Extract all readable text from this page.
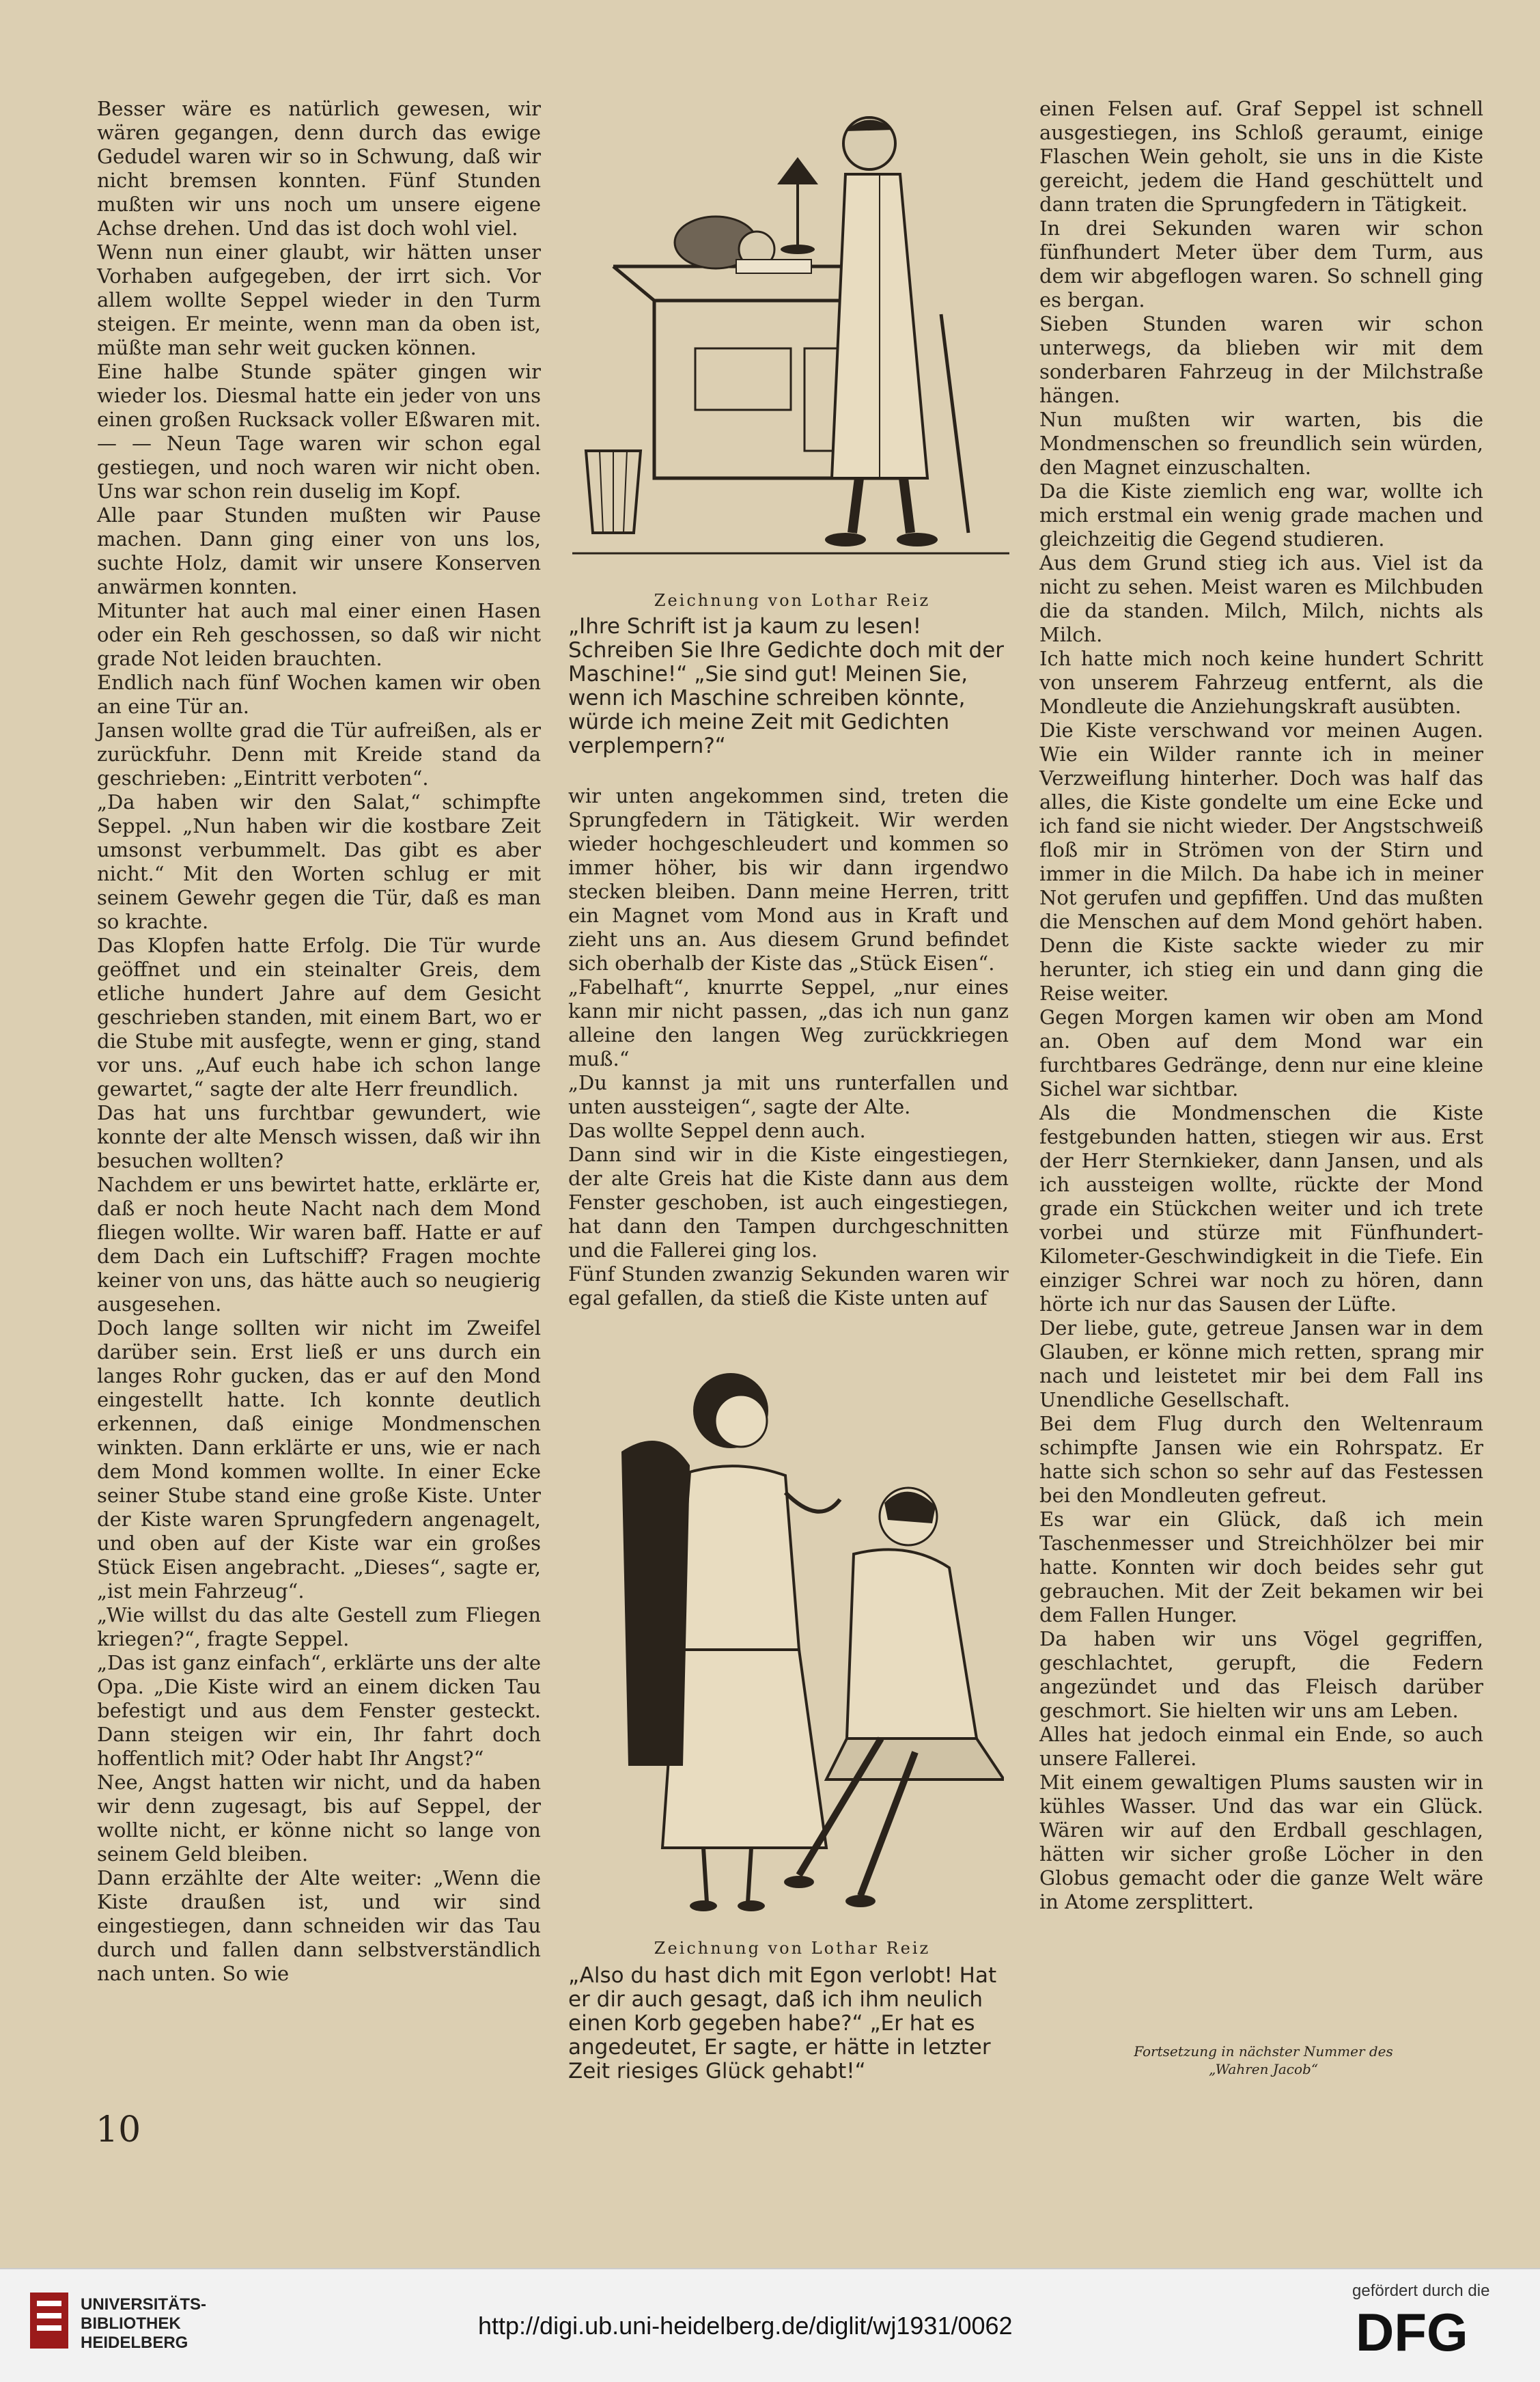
Besser wäre es natürlich gewesen, wir wären gegangen, denn durch das ewige Gedudel waren wir so in Schwung, daß wir nicht bremsen konnten. Fünf Stunden mußten wir uns noch um unsere eigene Achse drehen. Und das ist doch wohl viel.

Wenn nun einer glaubt, wir hätten unser Vorhaben aufgegeben, der irrt sich. Vor allem wollte Seppel wieder in den Turm steigen. Er meinte, wenn man da oben ist, müßte man sehr weit gucken können.

Eine halbe Stunde später gingen wir wieder los. Diesmal hatte ein jeder von uns einen großen Rucksack voller Eßwaren mit. — — Neun Tage waren wir schon egal gestiegen, und noch waren wir nicht oben. Uns war schon rein duselig im Kopf.

Alle paar Stunden mußten wir Pause machen. Dann ging einer von uns los, suchte Holz, damit wir unsere Konserven anwärmen konnten.

Mitunter hat auch mal einer einen Hasen oder ein Reh geschossen, so daß wir nicht grade Not leiden brauchten.

Endlich nach fünf Wochen kamen wir oben an eine Tür an.

Jansen wollte grad die Tür aufreißen, als er zurückfuhr. Denn mit Kreide stand da geschrieben: „Eintritt verboten“.

„Da haben wir den Salat,“ schimpfte Seppel. „Nun haben wir die kostbare Zeit umsonst verbummelt. Das gibt es aber nicht.“ Mit den Worten schlug er mit seinem Gewehr gegen die Tür, daß es man so krachte.

Das Klopfen hatte Erfolg. Die Tür wurde geöffnet und ein steinalter Greis, dem etliche hundert Jahre auf dem Gesicht geschrieben standen, mit einem Bart, wo er die Stube mit ausfegte, wenn er ging, stand vor uns. „Auf euch habe ich schon lange gewartet,“ sagte der alte Herr freundlich.

Das hat uns furchtbar gewundert, wie konnte der alte Mensch wissen, daß wir ihn besuchen wollten?

Nachdem er uns bewirtet hatte, erklärte er, daß er noch heute Nacht nach dem Mond fliegen wollte. Wir waren baff. Hatte er auf dem Dach ein Luftschiff? Fragen mochte keiner von uns, das hätte auch so neugierig ausgesehen.

Doch lange sollten wir nicht im Zweifel darüber sein. Erst ließ er uns durch ein langes Rohr gucken, das er auf den Mond eingestellt hatte. Ich konnte deutlich erkennen, daß einige Mondmenschen winkten. Dann erklärte er uns, wie er nach dem Mond kommen wollte. In einer Ecke seiner Stube stand eine große Kiste. Unter der Kiste waren Sprungfedern angenagelt, und oben auf der Kiste war ein großes Stück Eisen angebracht. „Dieses“, sagte er, „ist mein Fahrzeug“.

„Wie willst du das alte Gestell zum Fliegen kriegen?“, fragte Seppel.

„Das ist ganz einfach“, erklärte uns der alte Opa. „Die Kiste wird an einem dicken Tau befestigt und aus dem Fenster gesteckt. Dann steigen wir ein, Ihr fahrt doch hoffentlich mit? Oder habt Ihr Angst?“

Nee, Angst hatten wir nicht, und da haben wir denn zugesagt, bis auf Seppel, der wollte nicht, er könne nicht so lange von seinem Geld bleiben.

Dann erzählte der Alte weiter: „Wenn die Kiste draußen ist, und wir sind eingestiegen, dann schneiden wir das Tau durch und fallen dann selbstverständlich nach unten. So wie

Zeichnung von Lothar Reiz
„Ihre Schrift ist ja kaum zu lesen! Schreiben Sie Ihre Gedichte doch mit der Maschine!“ „Sie sind gut! Meinen Sie, wenn ich Maschine schreiben könnte, würde ich meine Zeit mit Gedichten verplempern?“

wir unten angekommen sind, treten die Sprungfedern in Tätigkeit. Wir werden wieder hochgeschleudert und kommen so immer höher, bis wir dann irgendwo stecken bleiben. Dann meine Herren, tritt ein Magnet vom Mond aus in Kraft und zieht uns an. Aus diesem Grund befindet sich oberhalb der Kiste das „Stück Eisen“.

„Fabelhaft“, knurrte Seppel, „nur eines kann mir nicht passen, „das ich nun ganz alleine den langen Weg zurückkriegen muß.“

„Du kannst ja mit uns runterfallen und unten aussteigen“, sagte der Alte.

Das wollte Seppel denn auch.

Dann sind wir in die Kiste eingestiegen, der alte Greis hat die Kiste dann aus dem Fenster geschoben, ist auch eingestiegen, hat dann den Tampen durchgeschnitten und die Fallerei ging los.

Fünf Stunden zwanzig Sekunden waren wir egal gefallen, da stieß die Kiste unten auf

Zeichnung von Lothar Reiz
„Also du hast dich mit Egon verlobt! Hat er dir auch gesagt, daß ich ihm neulich einen Korb gegeben habe?“ „Er hat es angedeutet, Er sagte, er hätte in letzter Zeit riesiges Glück gehabt!“

einen Felsen auf. Graf Seppel ist schnell ausgestiegen, ins Schloß geraumt, einige Flaschen Wein geholt, sie uns in die Kiste gereicht, jedem die Hand geschüttelt und dann traten die Sprungfedern in Tätigkeit.

In drei Sekunden waren wir schon fünfhundert Meter über dem Turm, aus dem wir abgeflogen waren. So schnell ging es bergan.

Sieben Stunden waren wir schon unterwegs, da blieben wir mit dem sonderbaren Fahrzeug in der Milchstraße hängen.

Nun mußten wir warten, bis die Mondmenschen so freundlich sein würden, den Magnet einzuschalten.

Da die Kiste ziemlich eng war, wollte ich mich erstmal ein wenig grade machen und gleichzeitig die Gegend studieren.

Aus dem Grund stieg ich aus. Viel ist da nicht zu sehen. Meist waren es Milchbuden die da standen. Milch, Milch, nichts als Milch.

Ich hatte mich noch keine hundert Schritt von unserem Fahrzeug entfernt, als die Mondleute die Anziehungskraft ausübten.

Die Kiste verschwand vor meinen Augen. Wie ein Wilder rannte ich in meiner Verzweiflung hinterher. Doch was half das alles, die Kiste gondelte um eine Ecke und ich fand sie nicht wieder. Der Angstschweiß floß mir in Strömen von der Stirn und immer in die Milch. Da habe ich in meiner Not gerufen und gepfiffen. Und das mußten die Menschen auf dem Mond gehört haben. Denn die Kiste sackte wieder zu mir herunter, ich stieg ein und dann ging die Reise weiter.

Gegen Morgen kamen wir oben am Mond an. Oben auf dem Mond war ein furchtbares Gedränge, denn nur eine kleine Sichel war sichtbar.

Als die Mondmenschen die Kiste festgebunden hatten, stiegen wir aus. Erst der Herr Sternkieker, dann Jansen, und als ich aussteigen wollte, rückte der Mond grade ein Stückchen weiter und ich trete vorbei und stürze mit Fünfhundert-Kilometer-Geschwindigkeit in die Tiefe. Ein einziger Schrei war noch zu hören, dann hörte ich nur das Sausen der Lüfte.

Der liebe, gute, getreue Jansen war in dem Glauben, er könne mich retten, sprang mir nach und leistetet mir bei dem Fall ins Unendliche Gesellschaft.

Bei dem Flug durch den Weltenraum schimpfte Jansen wie ein Rohrspatz. Er hatte sich schon so sehr auf das Festessen bei den Mondleuten gefreut.

Es war ein Glück, daß ich mein Taschenmesser und Streichhölzer bei mir hatte. Konnten wir doch beides sehr gut gebrauchen. Mit der Zeit bekamen wir bei dem Fallen Hunger.

Da haben wir uns Vögel gegriffen, geschlachtet, gerupft, die Federn angezündet und das Fleisch darüber geschmort. Sie hielten wir uns am Leben.

Alles hat jedoch einmal ein Ende, so auch unsere Fallerei.

Mit einem gewaltigen Plums sausten wir in kühles Wasser. Und das war ein Glück. Wären wir auf den Erdball geschlagen, hätten wir sicher große Löcher in den Globus gemacht oder die ganze Welt wäre in Atome zersplittert.

Fortsetzung in nächster Nummer des „Wahren Jacob“
10
UNIVERSITÄTS-
BIBLIOTHEK
HEIDELBERG
http://digi.ub.uni-heidelberg.de/diglit/wj1931/0062
gefördert durch die
DFG
